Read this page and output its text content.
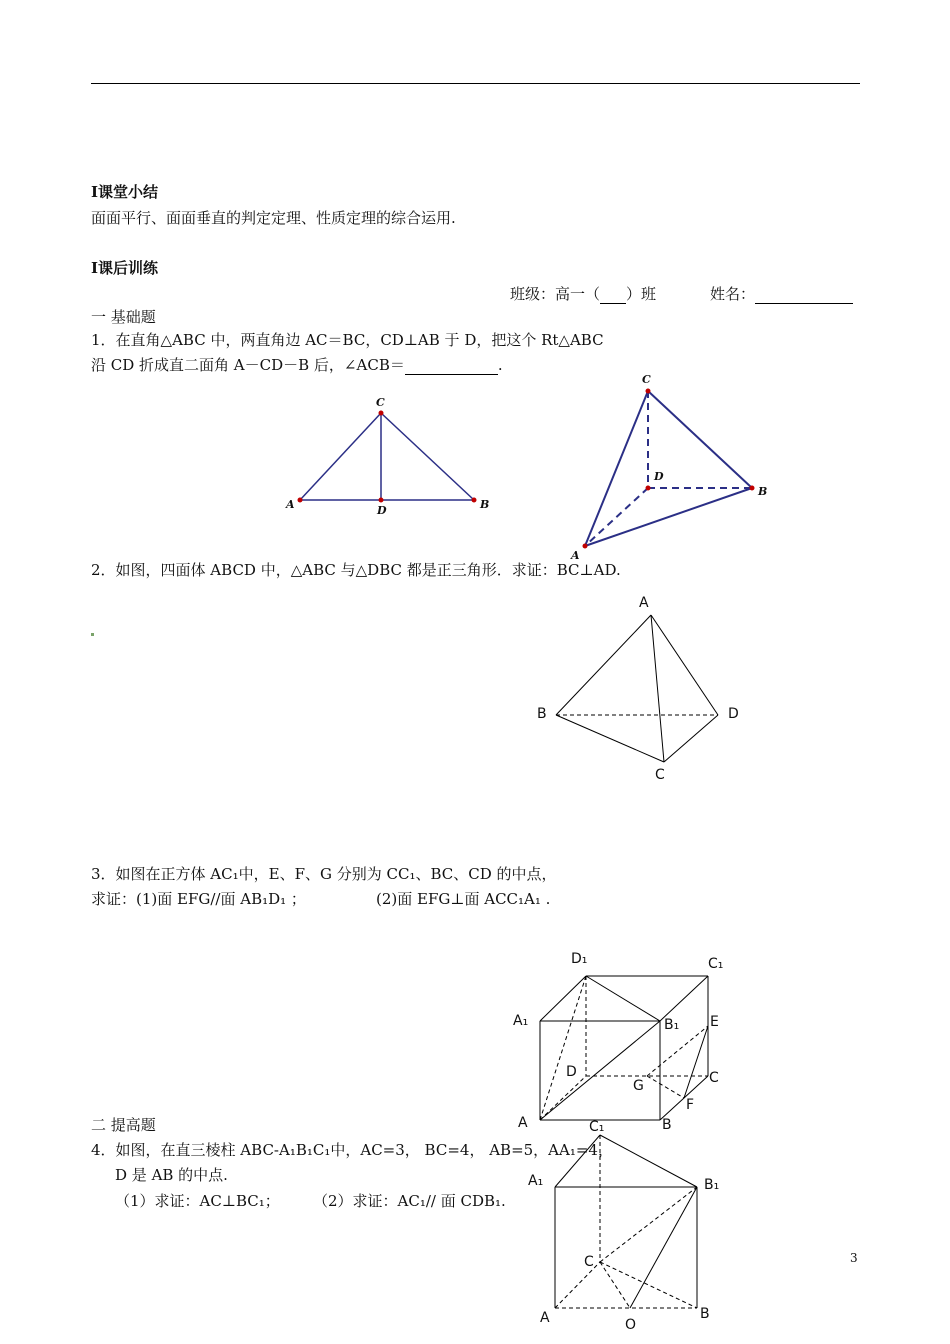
I课堂小结
面面平行、面面垂直的判定定理、性质定理的综合运用.
I课后训练
班级：高一（ ）班	姓名：
一 基础题
1．在直角△ABC 中，两直角边 AC＝BC，CD⊥AB 于 D，把这个 Rt△ABC
沿 CD 折成直二面角 A－CD－B 后，∠ACB＝	.
2．如图，四面体 ABCD 中，△ABC 与△DBC 都是正三角形．求证：BC⊥AD.
3．如图在正方体 AC₁中，E、F、G 分别为 CC₁、BC、CD 的中点，
求证：(1)面 EFG//面 AB₁D₁ ；	(2)面 EFG⊥面 ACC₁A₁ .
二 提高题
4．如图，在直三棱柱 ABC-A₁B₁C₁中，AC=3， BC=4， AB=5，AA₁=4，
D 是 AB 的中点.
（1）求证：AC⊥BC₁； （2）求证：AC₁// 面 CDB₁.
3
C
A	B
D
C
B
A
D
A
B	D
C
D₁	C₁
A₁	B₁ E
D
G	C
F
A	B
C₁
A₁	B₁
C
A	B
O
